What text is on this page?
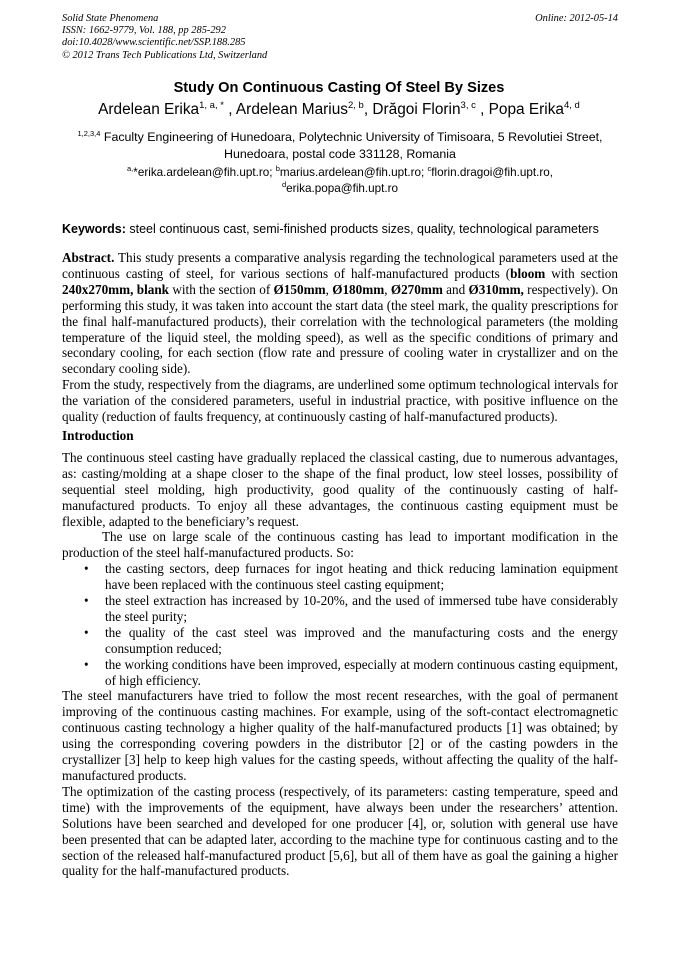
Solid State Phenomena
ISSN: 1662-9779, Vol. 188, pp 285-292
doi:10.4028/www.scientific.net/SSP.188.285
© 2012 Trans Tech Publications Ltd, Switzerland
Online: 2012-05-14
Study On Continuous Casting Of Steel By Sizes
Ardelean Erika$^{1, a, *}$ , Ardelean Marius$^{2, b}$, Drăgoi Florin$^{3, c}$ , Popa Erika$^{4, d}$
$^{1,2,3,4}$ Faculty Engineering of Hunedoara, Polytechnic University of Timisoara, 5 Revolutiei Street,
Hunedoara, postal code 331128, Romania
$^{a,}$*erika.ardelean@fih.upt.ro; $^b$marius.ardelean@fih.upt.ro; $^c$florin.dragoi@fih.upt.ro,
$^d$erika.popa@fih.upt.ro
Keywords: steel continuous cast, semi-finished products sizes, quality, technological parameters

Abstract. This study presents a comparative analysis regarding the technological parameters used at the continuous casting of steel, for various sections of half-manufactured products (bloom with section 240x270mm, blank with the section of Ø150mm, Ø180mm, Ø270mm and Ø310mm, respectively). On performing this study, it was taken into account the start data (the steel mark, the quality prescriptions for the final half-manufactured products), their correlation with the technological parameters (the molding temperature of the liquid steel, the molding speed), as well as the specific conditions of primary and secondary cooling, for each section (flow rate and pressure of cooling water in crystallizer and on the secondary cooling side).

From the study, respectively from the diagrams, are underlined some optimum technological intervals for the variation of the considered parameters, useful in industrial practice, with positive influence on the quality (reduction of faults frequency, at continuously casting of half-manufactured products).

Introduction

The continuous steel casting have gradually replaced the classical casting, due to numerous advantages, as: casting/molding at a shape closer to the shape of the final product, low steel losses, possibility of sequential steel molding, high productivity, good quality of the continuously casting of half-manufactured products. To enjoy all these advantages, the continuous casting equipment must be flexible, adapted to the beneficiary’s request.

The use on large scale of the continuous casting has lead to important modification in the production of the steel half-manufactured products. So:

• the casting sectors, deep furnaces for ingot heating and thick reducing lamination equipment have been replaced with the continuous steel casting equipment;
• the steel extraction has increased by 10-20%, and the used of immersed tube have considerably the steel purity;
• the quality of the cast steel was improved and the manufacturing costs and the energy consumption reduced;
• the working conditions have been improved, especially at modern continuous casting equipment, of high efficiency.

The steel manufacturers have tried to follow the most recent researches, with the goal of permanent improving of the continuous casting machines. For example, using of the soft-contact electromagnetic continuous casting technology a higher quality of the half-manufactured products [1] was obtained; by using the corresponding covering powders in the distributor [2] or of the casting powders in the crystallizer [3] help to keep high values for the casting speeds, without affecting the quality of the half-manufactured products.

The optimization of the casting process (respectively, of its parameters: casting temperature, speed and time) with the improvements of the equipment, have always been under the researchers’ attention. Solutions have been searched and developed for one producer [4], or, solution with general use have been presented that can be adapted later, according to the machine type for continuous casting and to the section of the released half-manufactured product [5,6], but all of them have as goal the gaining a higher quality for the half-manufactured products.
